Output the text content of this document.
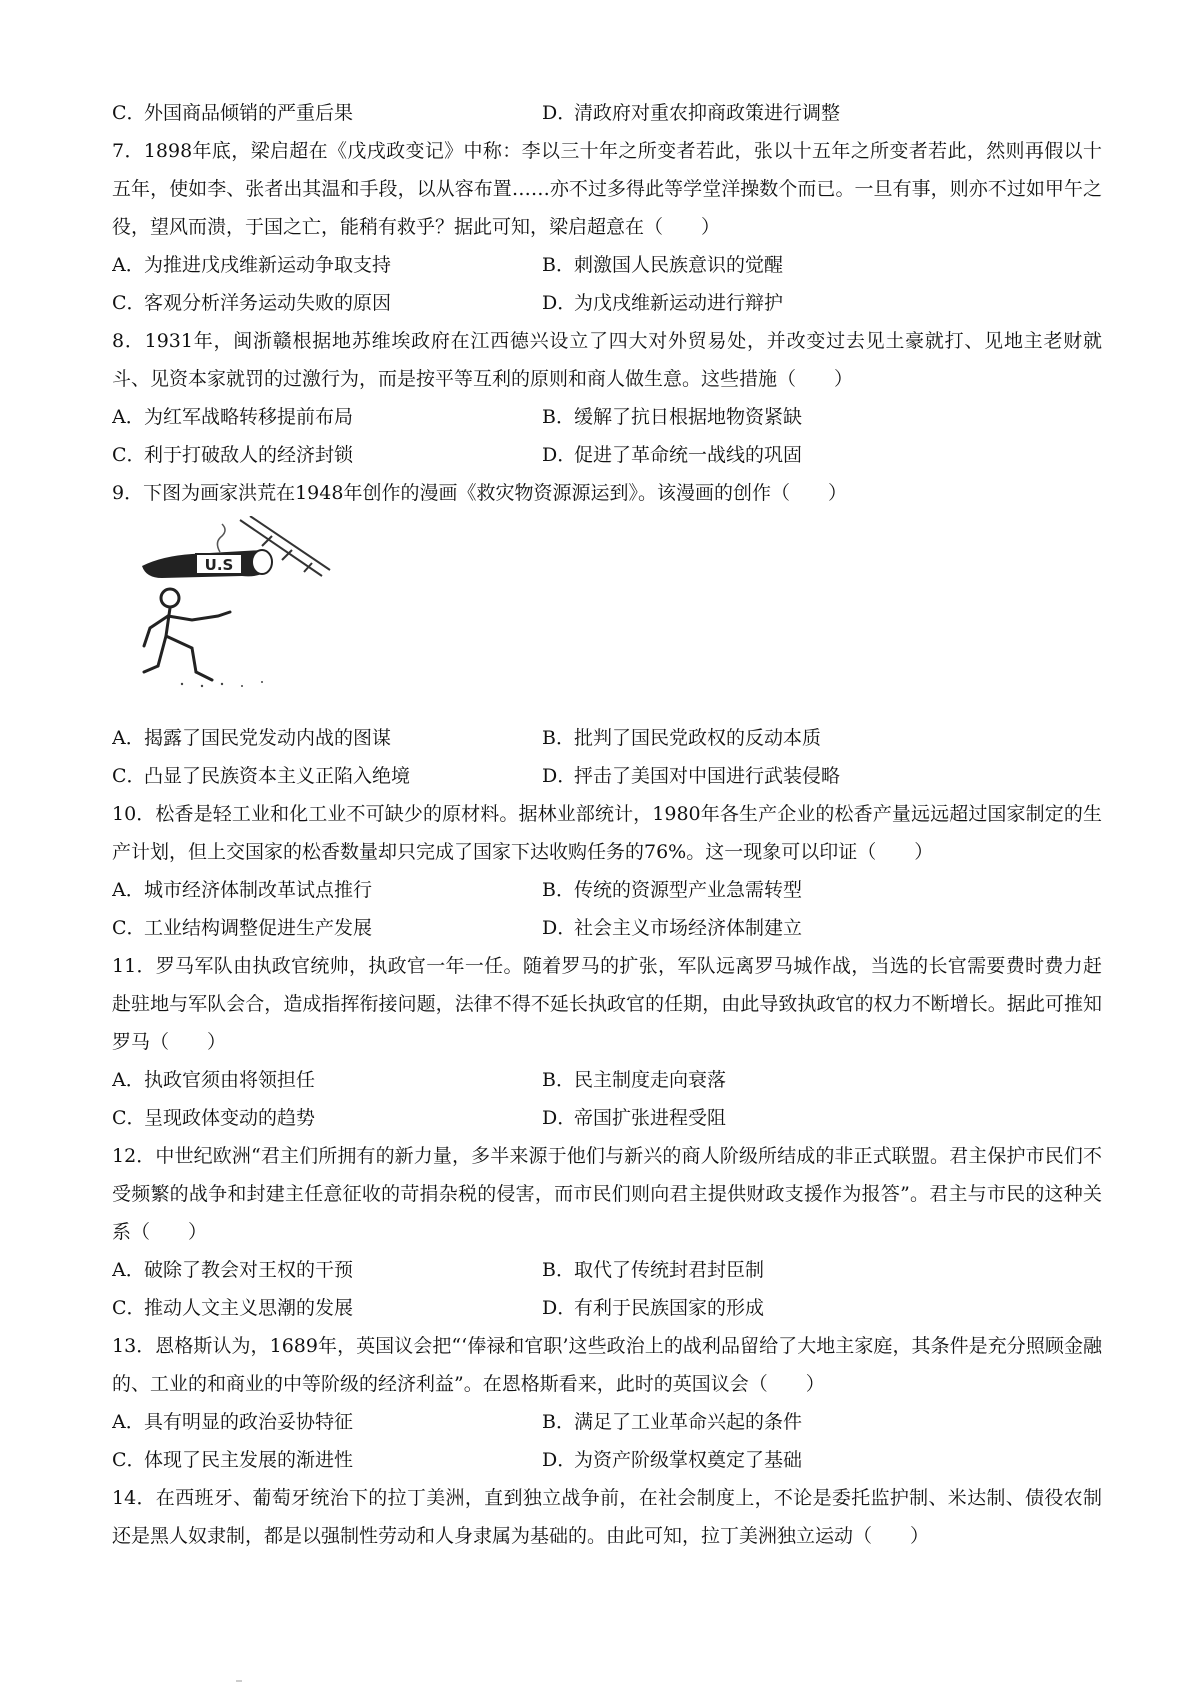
C．外国商品倾销的严重后果	D．清政府对重农抑商政策进行调整

7．1898年底，梁启超在《戊戌政变记》中称：李以三十年之所变者若此，张以十五年之所变者若此，然则再假以十五年，使如李、张者出其温和手段，以从容布置……亦不过多得此等学堂洋操数个而已。一旦有事，则亦不过如甲午之役，望风而溃，于国之亡，能稍有救乎？据此可知，梁启超意在（　　）

A．为推进戊戌维新运动争取支持	B．刺激国人民族意识的觉醒
C．客观分析洋务运动失败的原因	D．为戊戌维新运动进行辩护

8．1931年，闽浙赣根据地苏维埃政府在江西德兴设立了四大对外贸易处，并改变过去见土豪就打、见地主老财就斗、见资本家就罚的过激行为，而是按平等互利的原则和商人做生意。这些措施（　　）

A．为红军战略转移提前布局	B．缓解了抗日根据地物资紧缺
C．利于打破敌人的经济封锁	D．促进了革命统一战线的巩固

9．下图为画家洪荒在1948年创作的漫画《救灾物资源源运到》。该漫画的创作（　　）

U.S
A．揭露了国民党发动内战的图谋	B．批判了国民党政权的反动本质
C．凸显了民族资本主义正陷入绝境	D．抨击了美国对中国进行武装侵略

10．松香是轻工业和化工业不可缺少的原材料。据林业部统计，1980年各生产企业的松香产量远远超过国家制定的生产计划，但上交国家的松香数量却只完成了国家下达收购任务的76%。这一现象可以印证（　　）

A．城市经济体制改革试点推行	B．传统的资源型产业急需转型
C．工业结构调整促进生产发展	D．社会主义市场经济体制建立

11．罗马军队由执政官统帅，执政官一年一任。随着罗马的扩张，军队远离罗马城作战，当选的长官需要费时费力赶赴驻地与军队会合，造成指挥衔接问题，法律不得不延长执政官的任期，由此导致执政官的权力不断增长。据此可推知罗马（　　）

A．执政官须由将领担任	B．民主制度走向衰落
C．呈现政体变动的趋势	D．帝国扩张进程受阻

12．中世纪欧洲“君主们所拥有的新力量，多半来源于他们与新兴的商人阶级所结成的非正式联盟。君主保护市民们不受频繁的战争和封建主任意征收的苛捐杂税的侵害，而市民们则向君主提供财政支援作为报答”。君主与市民的这种关系（　　）

A．破除了教会对王权的干预	B．取代了传统封君封臣制
C．推动人文主义思潮的发展	D．有利于民族国家的形成

13．恩格斯认为，1689年，英国议会把“‘俸禄和官职’这些政治上的战利品留给了大地主家庭，其条件是充分照顾金融的、工业的和商业的中等阶级的经济利益”。在恩格斯看来，此时的英国议会（　　）

A．具有明显的政治妥协特征	B．满足了工业革命兴起的条件
C．体现了民主发展的渐进性	D．为资产阶级掌权奠定了基础

14．在西班牙、葡萄牙统治下的拉丁美洲，直到独立战争前，在社会制度上，不论是委托监护制、米达制、债役农制还是黑人奴隶制，都是以强制性劳动和人身隶属为基础的。由此可知，拉丁美洲独立运动（　　）
